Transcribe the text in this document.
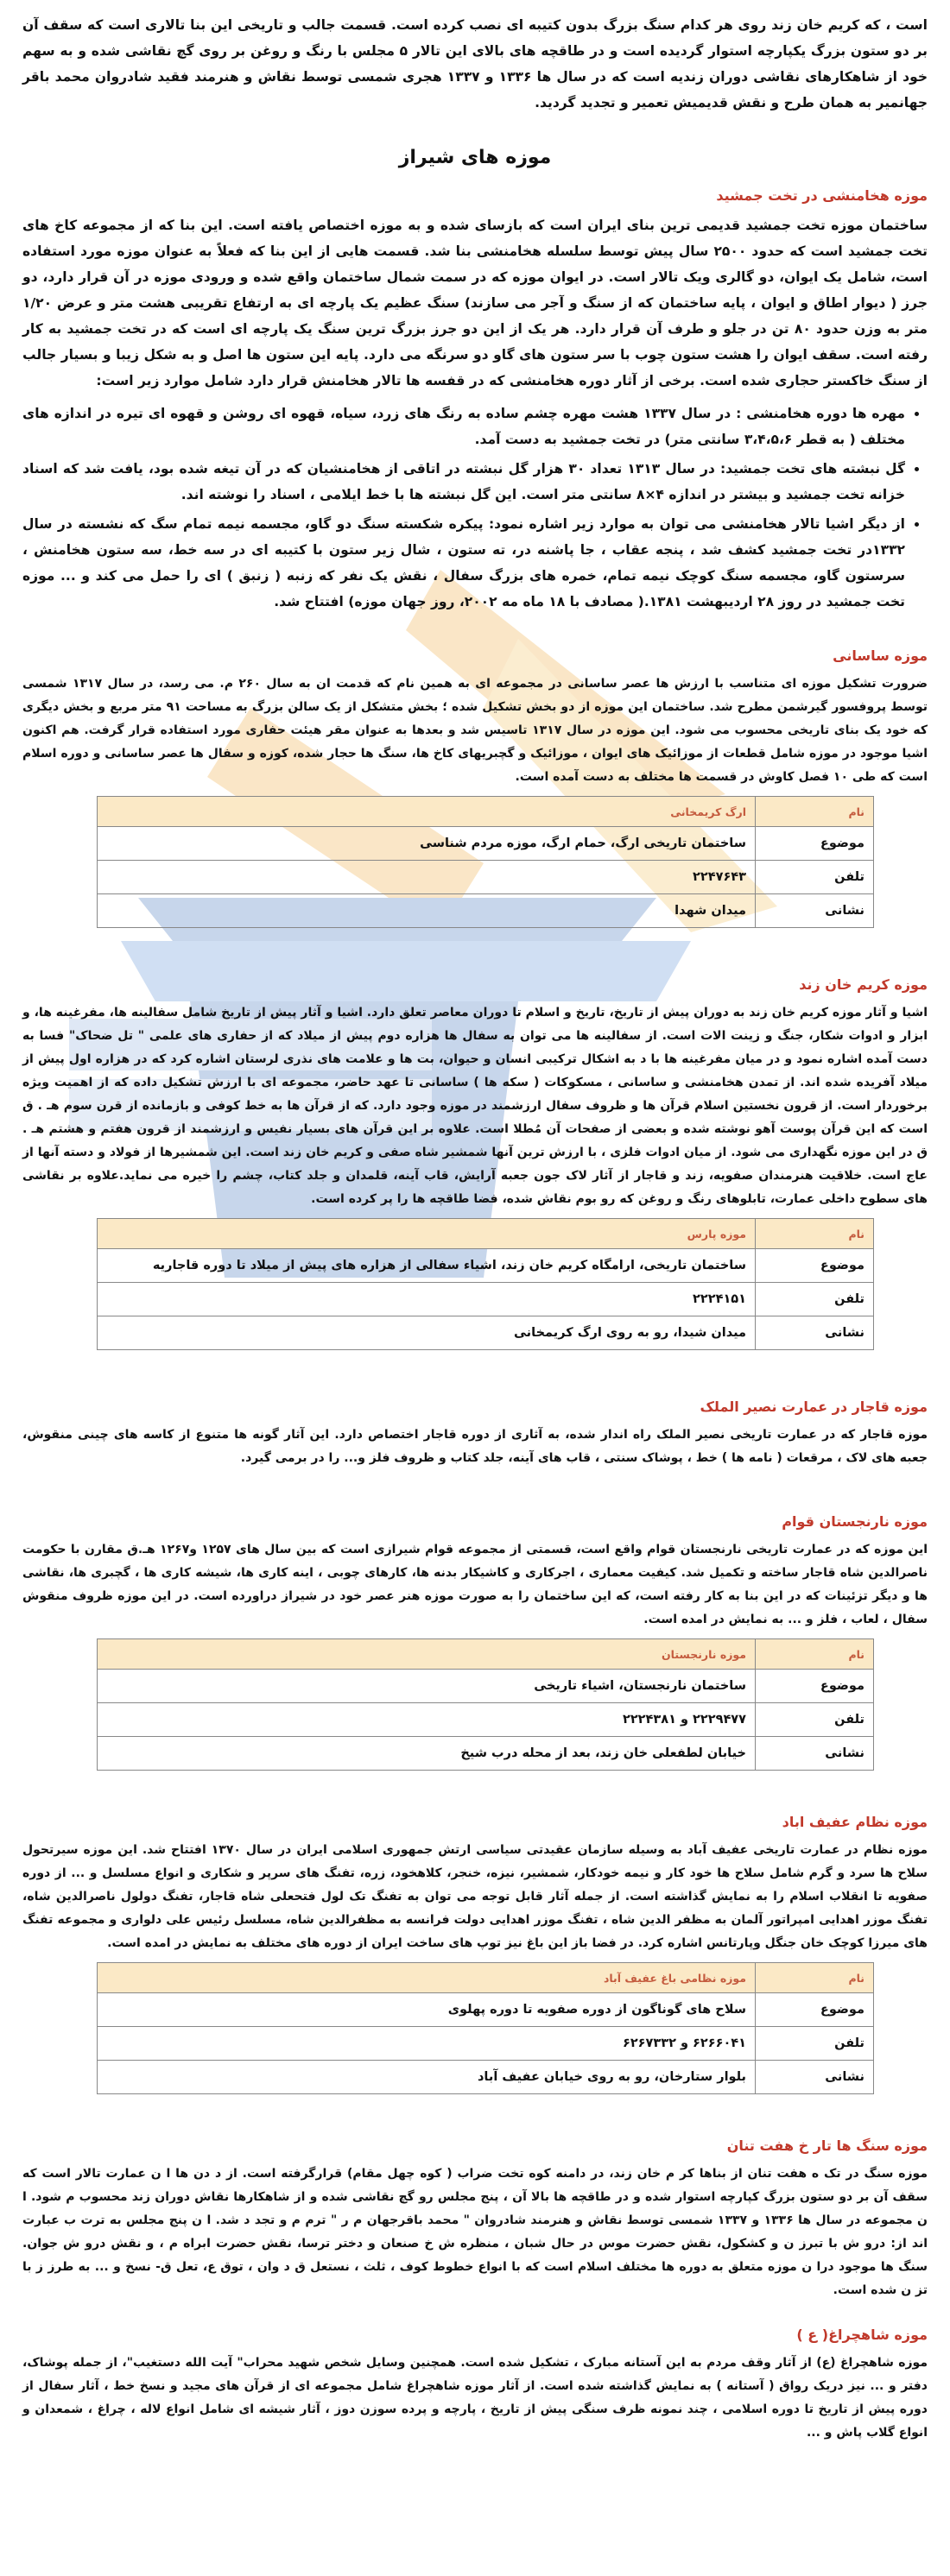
است ، که کریم خان زند روی هر کدام سنگ بزرگ بدون کتیبه ای نصب کرده است. قسمت جالب و تاریخی این بنا تالاری است که سقف آن بر دو ستون بزرگ یکپارچه استوار گردیده است و در طاقچه های بالای این تالار ۵ مجلس با رنگ و روغن بر روی گچ نقاشی شده و به سهم خود از شاهکارهای نقاشی دوران زندیه است که در سال ها ۱۳۳۶ و ۱۳۳۷ هجری شمسی توسط نقاش و هنرمند فقید شادروان محمد باقر جهانمیر به همان طرح و نقش قدیمیش تعمیر و تجدید گردید.

موزه های شیراز
موزه هخامنشی در تخت جمشید

ساختمان موزه تخت جمشید قدیمی ترین بنای ایران است که بازسای شده و به موزه اختصاص یافته است. این بنا که از مجموعه کاخ های تخت جمشید است که حدود ۲۵۰۰ سال پیش توسط سلسله هخامنشی بنا شد. قسمت هایی از این بنا که فعلاً به عنوان موزه مورد استفاده است، شامل یک ایوان، دو گالری ویک تالار است. در ایوان موزه که در سمت شمال ساختمان واقع شده و ورودی موزه در آن قرار دارد، دو جرز ( دیوار اطاق و ایوان ، پایه ساختمان که از سنگ و آجر می سازند) سنگ عظیم یک پارچه ای به ارتفاع تقریبی هشت متر و عرض ۱/۲۰ متر به وزن حدود ۸۰ تن در جلو و طرف آن قرار دارد. هر یک از این دو جرز بزرگ ترین سنگ یک پارچه ای است که در تخت جمشید به کار رفته است. سقف ایوان را هشت ستون چوب با سر ستون های گاو دو سرنگه می دارد. پایه این ستون ها اصل و به شکل زیبا و بسیار جالب از سنگ خاکستر حجاری شده است. برخی از آثار دوره هخامنشی که در قفسه ها تالار هخامنش قرار دارد شامل موارد زیر است:

• مهره ها دوره هخامنشی : در سال ۱۳۳۷ هشت مهره چشم ساده به رنگ های زرد، سیاه، قهوه ای روشن و قهوه ای تیره در اندازه های مختلف ( به قطر ۳،۴،۵،۶ سانتی متر) در تخت جمشید به دست آمد.
• گل نبشته های تخت جمشید: در سال ۱۳۱۳ تعداد ۳۰ هزار گل نبشته در اتاقی از هخامنشیان که در آن تیغه شده بود، یافت شد که اسناد خزانه تخت جمشید و بیشتر در اندازه ۴×۸ سانتی متر است. این گل نبشته ها با خط ایلامی ، اسناد را نوشته اند.
• از دیگر اشیا تالار هخامنشی می توان به موارد زیر اشاره نمود: پیکره شکسته سنگ دو گاو، مجسمه نیمه تمام سگ که نشسته در سال ۱۳۳۲در تخت جمشید کشف شد ، پنجه عقاب ، جا پاشنه در، ته ستون ، شال زیر ستون با کتیبه ای در سه خط، سه ستون هخامنش ، سرستون گاو، مجسمه سنگ کوچک نیمه تمام، خمره های بزرگ سفال ، نقش یک نفر که زنبه ( زنبق ) ای را حمل می کند و ... موزه تخت جمشید در روز ۲۸ اردیبهشت ۱۳۸۱.( مصادف با ۱۸ ماه مه ۲۰۰۲، روز جهان موزه) افتتاح شد.
موزه ساسانی

ضرورت تشکیل موزه ای متناسب با ارزش ها عصر ساسانی در مجموعه ای به همین نام که قدمت ان به سال ۲۶۰ م. می رسد، در سال ۱۳۱۷ شمسی توسط پروفسور گیرشمن مطرح شد. ساختمان این موزه از دو بخش تشکیل شده ؛ بخش متشکل از یک سالن بزرگ به مساحت ۹۱ متر مربع و بخش دیگری که خود یک بنای تاریخی محسوب می شود. این موزه در سال ۱۳۱۷ تاسیس شد و بعدها به عنوان مقر هیئت حفاری مورد استفاده قرار گرفت. هم اکنون اشیا موجود در موزه شامل قطعات از موزائیک های ایوان ، موزائیک و گچبریهای کاخ ها، سنگ ها حجار شده، کوزه و سفال ها عصر ساسانی و دوره اسلام است که طی ۱۰ فصل کاوش در قسمت ها مختلف به دست آمده است.

نام	ارگ کریمخانی
موضوع	ساختمان تاریخی ارگ، حمام ارگ، موزه مردم شناسی
تلفن	۲۲۴۷۶۴۳
نشانی	میدان شهدا
موزه کریم خان زند

اشیا و آثار موزه کریم خان زند به دوران پیش از تاریخ، تاریخ و اسلام تا دوران معاصر تعلق دارد. اشیا و آثار پیش از تاریخ شامل سفالینه ها، مفرغینه ها، و ابزار و ادوات شکار، جنگ و زینت الات است. از سفالینه ها می توان به سفال ها هزاره دوم پیش از میلاد که از حفاری های علمی " تل ضحاک" فسا به دست آمده اشاره نمود و در میان مفرغینه ها با د به اشکال ترکیبی انسان و حیوان، بت ها و علامت های نذری لرستان اشاره کرد که در هزاره اول پیش از میلاد آفریده شده اند. از تمدن هخامنشی و ساسانی ، مسکوکات ( سکه ها ) ساسانی تا عهد حاضر، مجموعه ای با ارزش تشکیل داده که از اهمیت ویژه برخوردار است. از قرون نخستین اسلام قرآن ها و ظروف سفال ارزشمند در موزه وجود دارد. که از قرآن ها به خط کوفی و بازمانده از قرن سوم هـ . ق است که این قرآن پوست آهو نوشته شده و بعضی از صفحات آن مُطلا است. علاوه بر این قرآن های بسیار نفیس و ارزشمند از قرون هفتم و هشتم هـ . ق در این موزه نگهداری می شود. از میان ادوات فلزی ، با ارزش ترین آنها شمشیر شاه صفی و کریم خان زند است. این شمشیرها از فولاد و دسته آنها از عاج است. خلاقیت هنرمندان صفویه، زند و قاجار از آثار لاک جون جعبه آرایش، قاب آینه، قلمدان و جلد کتاب، چشم را خیره می نماید.علاوه بر نقاشی های سطوح داخلی عمارت، تابلوهای رنگ و روغن که رو بوم نقاش شده، فضا طاقچه ها را پر کرده است.

نام	موزه پارس
موضوع	ساختمان تاریخی، ارامگاه کریم خان زند، اشیاء سفالی از هزاره های پیش از میلاد تا دوره قاجاریه
تلفن	۲۲۲۴۱۵۱
نشانی	میدان شیدا، رو به روی ارگ کریمخانی
موزه قاجار در عمارت نصیر الملک

موزه قاجار که در عمارت تاریخی نصیر الملک راه اندار شده، به آثاری از دوره قاجار اختصاص دارد. این آثار گونه ها متنوع از کاسه های چینی منقوش، جعبه های لاک ، مرقعات ( نامه ها ) خط ، پوشاک سنتی ، قاب های آینه، جلد کتاب و ظروف فلز و... را در برمی گیرد.

موزه نارنجستان قوام

این موزه که در عمارت تاریخی نارنجستان قوام واقع است، قسمتی از مجموعه قوام شیرازی است که بین سال های ۱۲۵۷ و۱۲۶۷ هـ.ق مقارن با حکومت ناصرالدین شاه قاجار ساخته و تکمیل شد. کیفیت معماری ، اجرکاری و کاشیکار بدنه ها، کارهای چوبی ، اینه کاری ها، شیشه کاری ها ، گچبری ها، نقاشی ها و دیگر تزئینات که در این بنا به کار رفته است، که این ساختمان را به صورت موزه هنر عصر خود در شیراز دراورده است. در این موزه ظروف منقوش سفال ، لعاب ، فلز و ... به نمایش در امده است.

نام	موزه نارنجستان
موضوع	ساختمان نارنجستان، اشیاء تاریخی
تلفن	۲۲۲۹۴۷۷ و ۲۲۲۴۳۸۱
نشانی	خیابان لطفعلی خان زند، بعد از محله درب شیخ
موزه نظام عفیف اباد

موزه نظام در عمارت تاریخی عفیف آباد به وسیله سازمان عقیدتی سیاسی ارتش جمهوری اسلامی ایران در سال ۱۳۷۰ افتتاح شد. این موزه سیرتحول سلاح ها سرد و گرم شامل سلاح ها خود کار و نیمه خودکار، شمشیر، نیزه، خنجر، کلاهخود، زره، تفنگ های سرپر و شکاری و انواع مسلسل و ... از دوره صفویه تا انقلاب اسلام را به نمایش گذاشته است. از جمله آثار قابل توجه می توان به تفنگ تک لول فتحعلی شاه قاجار، تفنگ دولول ناصرالدین شاه، تفنگ موزر اهدایی امپراتور آلمان به مظفر الدین شاه ، تفنگ موزر اهدایی دولت فرانسه به مظفرالدین شاه، مسلسل رئیس علی دلواری و مجموعه تفنگ های میرزا کوچک خان جنگل وپارتانس اشاره کرد. در فضا باز این باغ نیز توپ های ساخت ایران از دوره های مختلف به نمایش در امده است.

نام	موزه نظامی باغ عفیف آباد
موضوع	سلاح های گوناگون از دوره صفویه تا دوره پهلوی
تلفن	۶۲۶۶۰۴۱ و ۶۲۶۷۳۳۲
نشانی	بلوار ستارخان، رو به روی خیابان عفیف آباد
موزه سنگ ها تار خ هفت تنان

موزه سنگ در تک ه هفت تنان از بناها کر م خان زند، در دامنه کوه تخت ضراب ( کوه چهل مقام) قرارگرفته است. از د دن ها ا ن عمارت تالار است که سقف آن بر دو ستون بزرگ کپارچه استوار شده و در طاقچه ها بالا آن ، پنج مجلس رو گچ نقاشی شده و از شاهکارها نقاش دوران زند محسوب م شود. ا ن مجموعه در سال ها ۱۳۳۶ و ۱۳۳۷ شمسی توسط نقاش و هنرمند شادروان " محمد باقرجهان م ر " ترم م و تجد د شد. ا ن پنج مجلس به ترت ب عبارت اند از: درو ش با تبرز ن و کشکول، نقش حضرت موس در حال شبان ، منظره ش خ صنعان و دختر ترسا، نقش حضرت ابراه م ، و نقش درو ش جوان. سنگ ها موجود درا ن موزه متعلق به دوره ها مختلف اسلام است که با انواع خطوط کوف ، ثلث ، نستعل ق د وان ، توق ع، تعل ق- نسخ و ... به طرز ز با تز ن شده است.

موزه شاهچراغ( ع )

موزه شاهچراغ (ع) از آثار وقف مردم به این آستانه مبارک ، تشکیل شده است. همچنین وسایل شخص شهید محراب" آیت الله دستغیب"، از جمله پوشاک، دفتر و ... نیز دریک رواق ( آستانه ) به نمایش گذاشته شده است. از آثار موزه شاهچراغ شامل مجموعه ای از قرآن های مجید و نسخ خط ، آثار سفال از دوره پیش از تاریخ تا دوره اسلامی ، چند نمونه ظرف سنگی پیش از تاریخ ، پارچه و پرده سوزن دوز ، آثار شیشه ای شامل انواع لاله ، چراغ ، شمعدان و انواع گلاب پاش و ...
